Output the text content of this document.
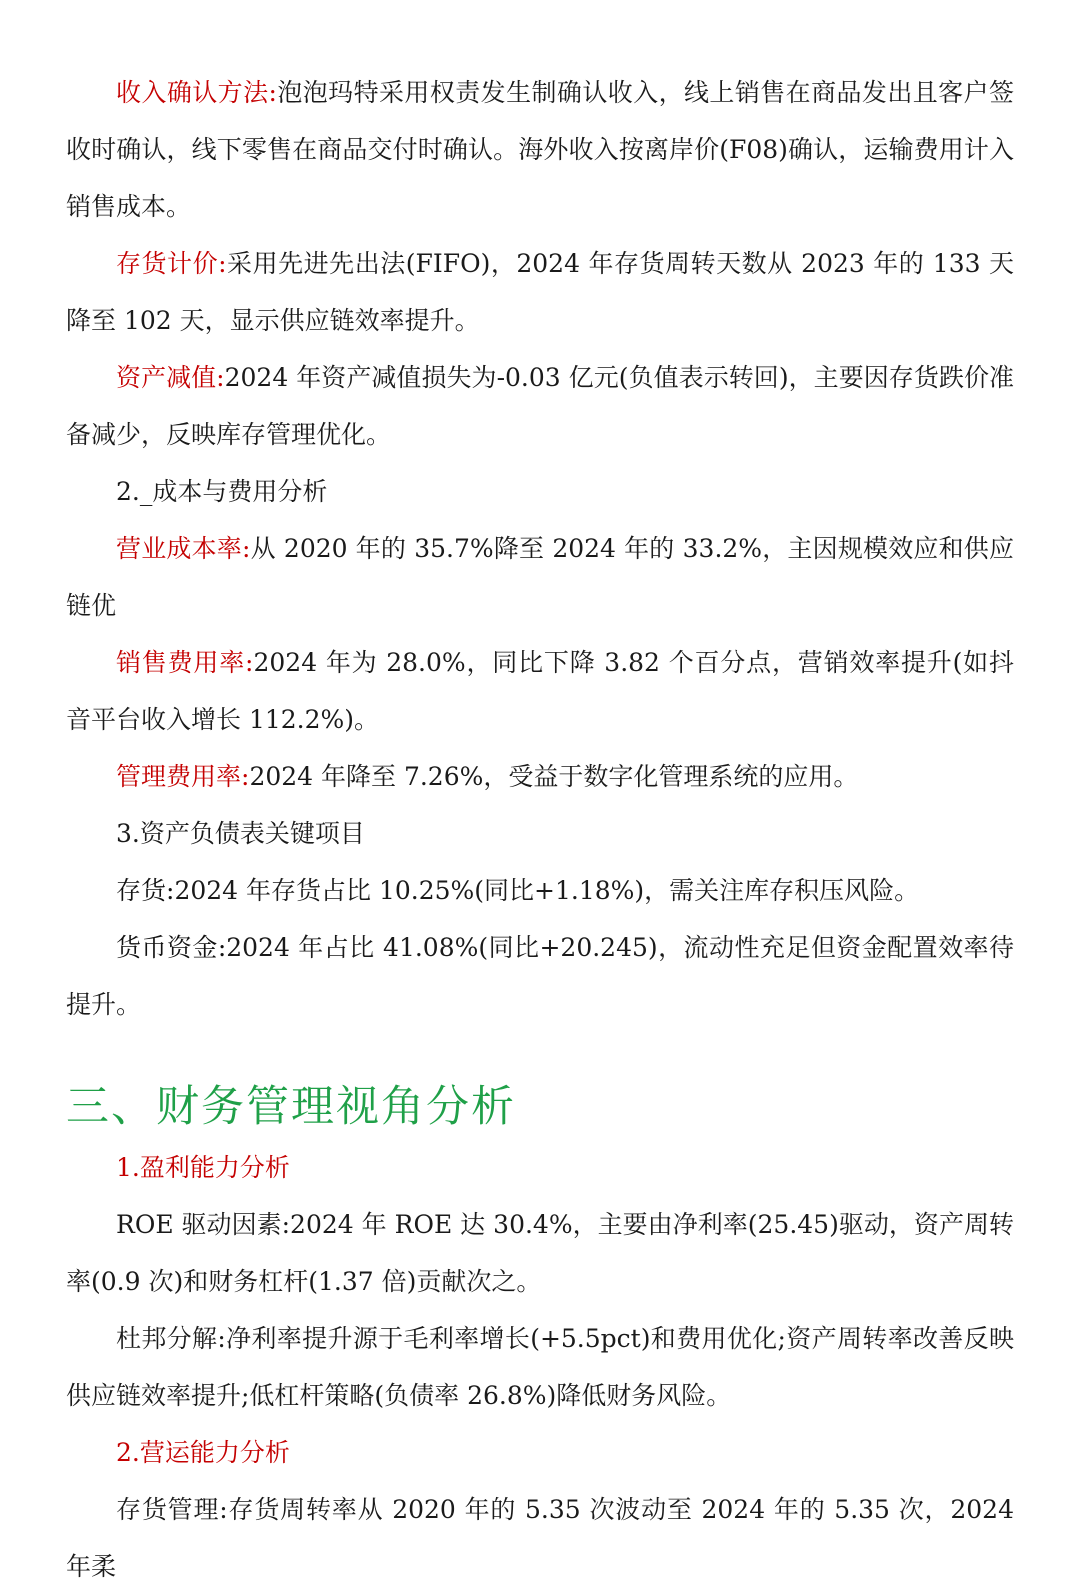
收入确认方法:泡泡玛特采用权责发生制确认收入，线上销售在商品发出且客户签收时确认，线下零售在商品交付时确认。海外收入按离岸价(F08)确认，运输费用计入销售成本。

存货计价:采用先进先出法(FIFO)，2024 年存货周转天数从 2023 年的 133 天降至 102 天，显示供应链效率提升。

资产减值:2024 年资产减值损失为-0.03 亿元(负值表示转回)，主要因存货跌价准备减少，反映库存管理优化。

2._成本与费用分析

营业成本率:从 2020 年的 35.7%降至 2024 年的 33.2%，主因规模效应和供应链优

销售费用率:2024 年为 28.0%，同比下降 3.82 个百分点，营销效率提升(如抖音平台收入增长 112.2%)。

管理费用率:2024 年降至 7.26%，受益于数字化管理系统的应用。

3.资产负债表关键项目

存货:2024 年存货占比 10.25%(同比+1.18%)，需关注库存积压风险。

货币资金:2024 年占比 41.08%(同比+20.245)，流动性充足但资金配置效率待提升。

三、财务管理视角分析
1.盈利能力分析

ROE 驱动因素:2024 年 ROE 达 30.4%，主要由净利率(25.45)驱动，资产周转率(0.9 次)和财务杠杆(1.37 倍)贡献次之。

杜邦分解:净利率提升源于毛利率增长(+5.5pct)和费用优化;资产周转率改善反映供应链效率提升;低杠杆策略(负债率 26.8%)降低财务风险。

2.营运能力分析

存货管理:存货周转率从 2020 年的 5.35 次波动至 2024 年的 5.35 次，2024 年柔
